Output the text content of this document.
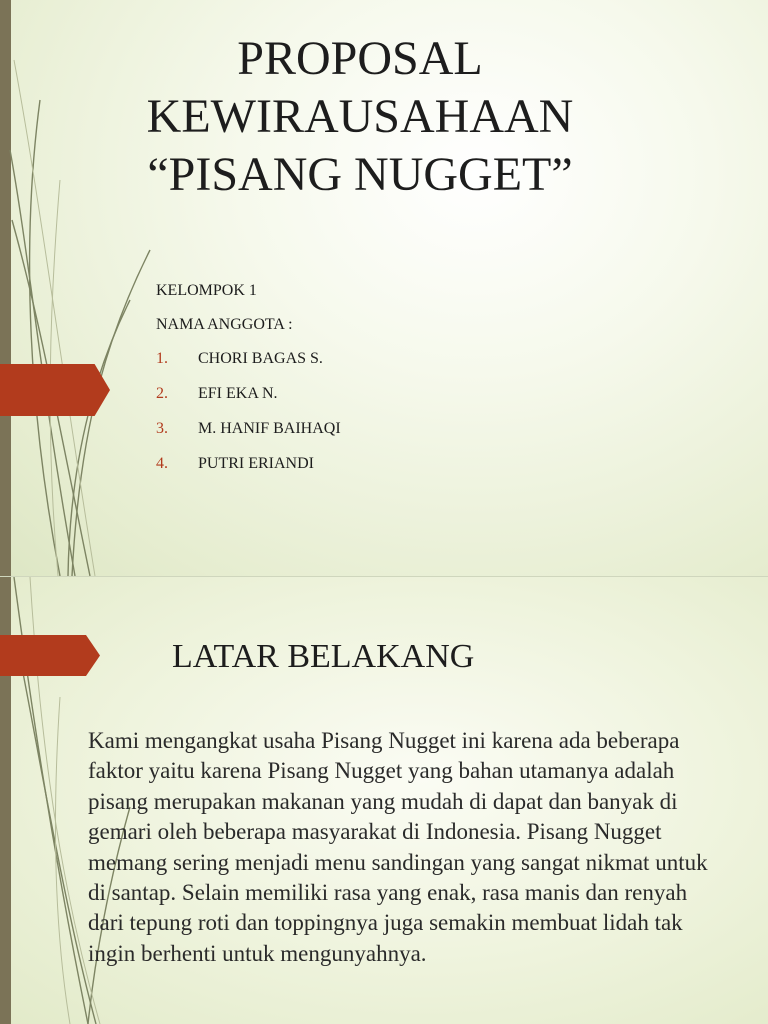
PROPOSAL
KEWIRAUSAHAAN
“PISANG NUGGET”
KELOMPOK 1
NAMA ANGGOTA :
1. CHORI BAGAS S.
2. EFI EKA N.
3. M. HANIF BAIHAQI
4. PUTRI ERIANDI
LATAR BELAKANG

Kami mengangkat usaha Pisang Nugget ini karena ada beberapa faktor yaitu karena Pisang Nugget yang bahan utamanya adalah pisang merupakan makanan yang mudah di dapat dan banyak di gemari oleh beberapa masyarakat di Indonesia. Pisang Nugget memang sering menjadi menu sandingan yang sangat nikmat untuk di santap. Selain memiliki rasa yang enak, rasa manis dan renyah dari tepung roti dan toppingnya juga semakin membuat lidah tak ingin berhenti untuk mengunyahnya.
